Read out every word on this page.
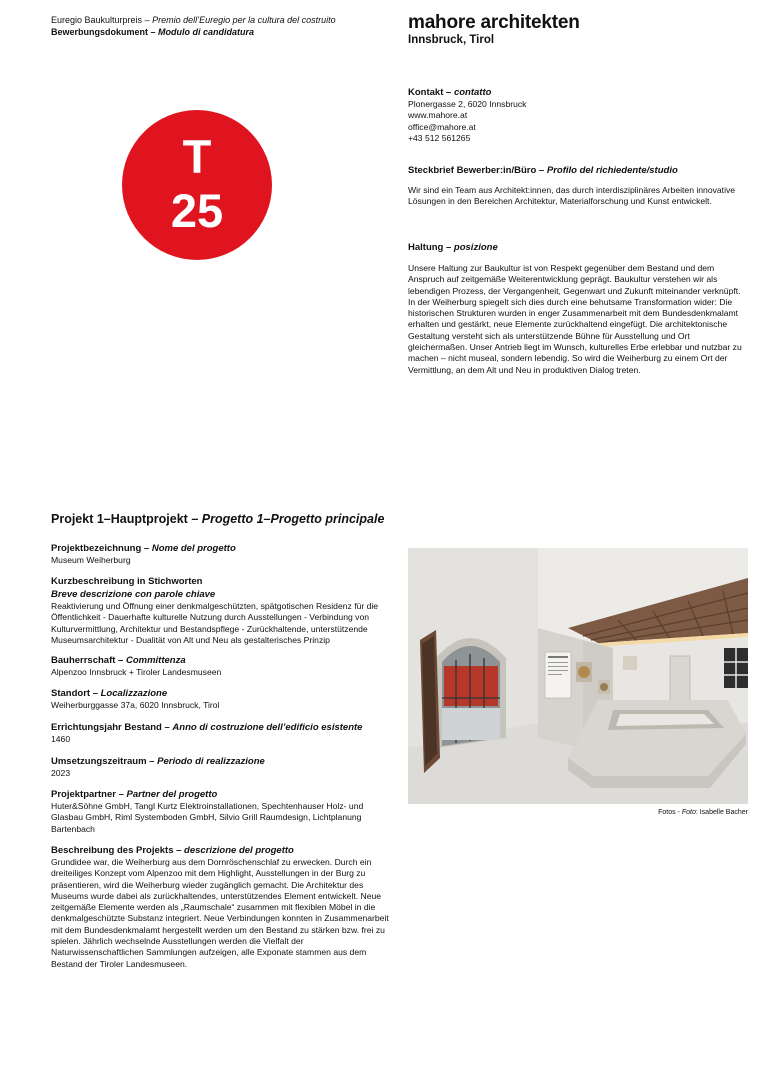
Euregio Baukulturpreis – Premio dell’Euregio per la cultura del costruito
Bewerbungsdokument – Modulo di candidatura
T
25
mahore architekten
Innsbruck, Tirol
Kontakt – contatto
Plonergasse 2, 6020 Innsbruck
www.mahore.at
office@mahore.at
+43 512 561265
Steckbrief Bewerber:in/Büro – Profilo del richiedente/studio
Wir sind ein Team aus Architekt:innen, das durch interdisziplinäres Arbeiten innovative Lösungen in den Bereichen Architektur, Materialforschung und Kunst entwickelt.
Haltung – posizione
Unsere Haltung zur Baukultur ist von Respekt gegenüber dem Bestand und dem Anspruch auf zeitgemäße Weiterentwicklung geprägt. Baukultur verstehen wir als lebendigen Prozess, der Vergangenheit, Gegenwart und Zukunft miteinander verknüpft. In der Weiherburg spiegelt sich dies durch eine behutsame Transformation wider: Die historischen Strukturen wurden in enger Zusammenarbeit mit dem Bundesdenkmalamt erhalten und gestärkt, neue Elemente zurückhaltend eingefügt. Die architektonische Gestaltung versteht sich als unterstützende Bühne für Ausstellung und Ort gleichermaßen. Unser Antrieb liegt im Wunsch, kulturelles Erbe erlebbar und nutzbar zu machen – nicht museal, sondern lebendig. So wird die Weiherburg zu einem Ort der Vermittlung, an dem Alt und Neu in produktiven Dialog treten.
Projekt 1–Hauptprojekt – Progetto 1–Progetto principale
Projektbezeichnung – Nome del progetto
Museum Weiherburg
Kurzbeschreibung in Stichworten
Breve descrizione con parole chiave
Reaktivierung und Öffnung einer denkmalgeschützten, spätgotischen Residenz für die Öffentlichkeit - Dauerhafte kulturelle Nutzung durch Ausstellungen - Verbindung von Kulturvermittlung, Architektur und Bestandspflege - Zurückhaltende, unterstützende Museumsarchitektur - Dualität von Alt und Neu als gestalterisches Prinzip
Bauherrschaft – Committenza
Alpenzoo Innsbruck + Tiroler Landesmuseen
Standort – Localizzazione
Weiherburggasse 37a, 6020 Innsbruck, Tirol
Errichtungsjahr Bestand – Anno di costruzione dell’edificio esistente
1460
Umsetzungszeitraum – Periodo di realizzazione
2023
Projektpartner – Partner del progetto
Huter&Söhne GmbH, Tangl Kurtz Elektroinstallationen, Spechtenhauser Holz- und Glasbau GmbH, Riml Systemboden GmbH, Silvio Grill Raumdesign, Lichtplanung Bartenbach
Beschreibung des Projekts – descrizione del progetto
Grundidee war, die Weiherburg aus dem Dornröschenschlaf zu erwecken. Durch ein dreiteiliges Konzept vom Alpenzoo mit dem Highlight, Ausstellungen in der Burg zu präsentieren, wird die Weiherburg wieder zugänglich gemacht. Die Architektur des Museums wurde dabei als zurückhaltendes, unterstützendes Element entwickelt. Neue zeitgemäße Elemente werden als „Raumschale“ zusammen mit flexiblen Möbel in die denkmalgeschützte Substanz integriert. Neue Verbindungen konnten in Zusammenarbeit mit dem Bundesdenkmalamt hergestellt werden um den Bestand zu stärken bzw. frei zu spielen. Jährlich wechselnde Ausstellungen werden die Vielfalt der Naturwissenschaftlichen Sammlungen aufzeigen, alle Exponate stammen aus dem Bestand der Tiroler Landesmuseen.
Fotos - Foto: Isabelle Bacher
